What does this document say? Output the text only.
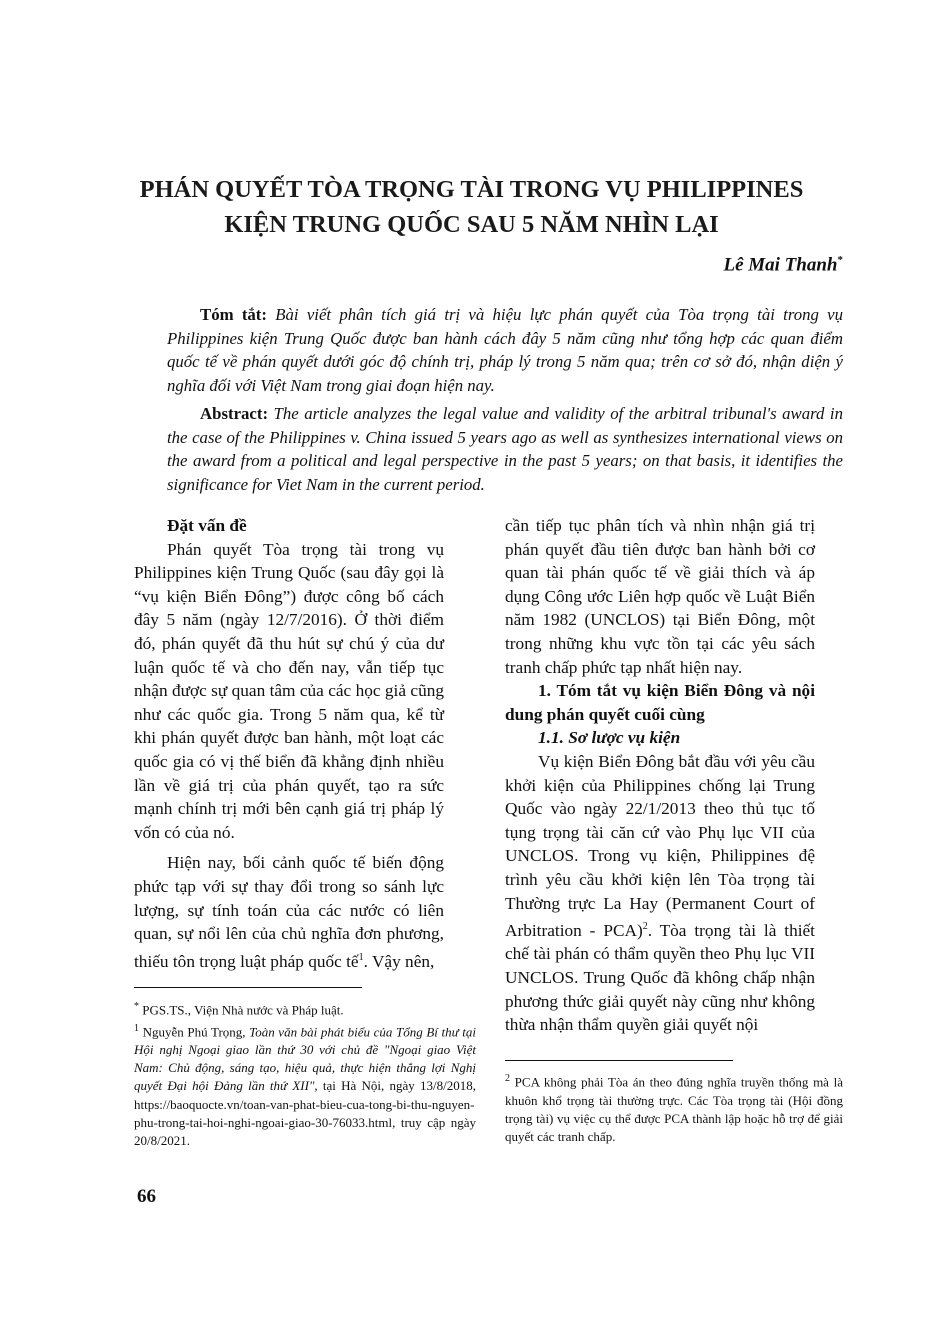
PHÁN QUYẾT TÒA TRỌNG TÀI TRONG VỤ PHILIPPINES
KIỆN TRUNG QUỐC SAU 5 NĂM NHÌN LẠI
Lê Mai Thanh*
Tóm tắt: Bài viết phân tích giá trị và hiệu lực phán quyết của Tòa trọng tài trong vụ Philippines kiện Trung Quốc được ban hành cách đây 5 năm cũng như tổng hợp các quan điểm quốc tế về phán quyết dưới góc độ chính trị, pháp lý trong 5 năm qua; trên cơ sở đó, nhận diện ý nghĩa đối với Việt Nam trong giai đoạn hiện nay.
Abstract: The article analyzes the legal value and validity of the arbitral tribunal's award in the case of the Philippines v. China issued 5 years ago as well as synthesizes international views on the award from a political and legal perspective in the past 5 years; on that basis, it identifies the significance for Viet Nam in the current period.

Đặt vấn đề

Phán quyết Tòa trọng tài trong vụ Philippines kiện Trung Quốc (sau đây gọi là “vụ kiện Biển Đông”) được công bố cách đây 5 năm (ngày 12/7/2016). Ở thời điểm đó, phán quyết đã thu hút sự chú ý của dư luận quốc tế và cho đến nay, vẫn tiếp tục nhận được sự quan tâm của các học giả cũng như các quốc gia. Trong 5 năm qua, kể từ khi phán quyết được ban hành, một loạt các quốc gia có vị thế biển đã khẳng định nhiều lần về giá trị của phán quyết, tạo ra sức mạnh chính trị mới bên cạnh giá trị pháp lý vốn có của nó.

Hiện nay, bối cảnh quốc tế biến động phức tạp với sự thay đổi trong so sánh lực lượng, sự tính toán của các nước có liên quan, sự nổi lên của chủ nghĩa đơn phương, thiếu tôn trọng luật pháp quốc tế$^1$. Vậy nên,

cần tiếp tục phân tích và nhìn nhận giá trị phán quyết đầu tiên được ban hành bởi cơ quan tài phán quốc tế về giải thích và áp dụng Công ước Liên hợp quốc về Luật Biển năm 1982 (UNCLOS) tại Biển Đông, một trong những khu vực tồn tại các yêu sách tranh chấp phức tạp nhất hiện nay.

1. Tóm tắt vụ kiện Biển Đông và nội dung phán quyết cuối cùng

1.1. Sơ lược vụ kiện

Vụ kiện Biển Đông bắt đầu với yêu cầu khởi kiện của Philippines chống lại Trung Quốc vào ngày 22/1/2013 theo thủ tục tố tụng trọng tài căn cứ vào Phụ lục VII của UNCLOS. Trong vụ kiện, Philippines đệ trình yêu cầu khởi kiện lên Tòa trọng tài Thường trực La Hay (Permanent Court of Arbitration - PCA)$^2$. Tòa trọng tài là thiết chế tài phán có thẩm quyền theo Phụ lục VII UNCLOS. Trung Quốc đã không chấp nhận phương thức giải quyết này cũng như không thừa nhận thẩm quyền giải quyết nội

* PGS.TS., Viện Nhà nước và Pháp luật.

$^1$ Nguyễn Phú Trọng, Toàn văn bài phát biểu của Tổng Bí thư tại Hội nghị Ngoại giao lần thứ 30 với chủ đề "Ngoại giao Việt Nam: Chủ động, sáng tạo, hiệu quả, thực hiện thắng lợi Nghị quyết Đại hội Đảng lần thứ XII", tại Hà Nội, ngày 13/8/2018, https://baoquocte.vn/toan-van-phat-bieu-cua-tong-bi-thu-nguyen-phu-trong-tai-hoi-nghi-ngoai-giao-30-76033.html, truy cập ngày 20/8/2021.

$^2$ PCA không phải Tòa án theo đúng nghĩa truyền thống mà là khuôn khổ trọng tài thường trực. Các Tòa trọng tài (Hội đồng trọng tài) vụ việc cụ thể được PCA thành lập hoặc hỗ trợ để giải quyết các tranh chấp.

66
